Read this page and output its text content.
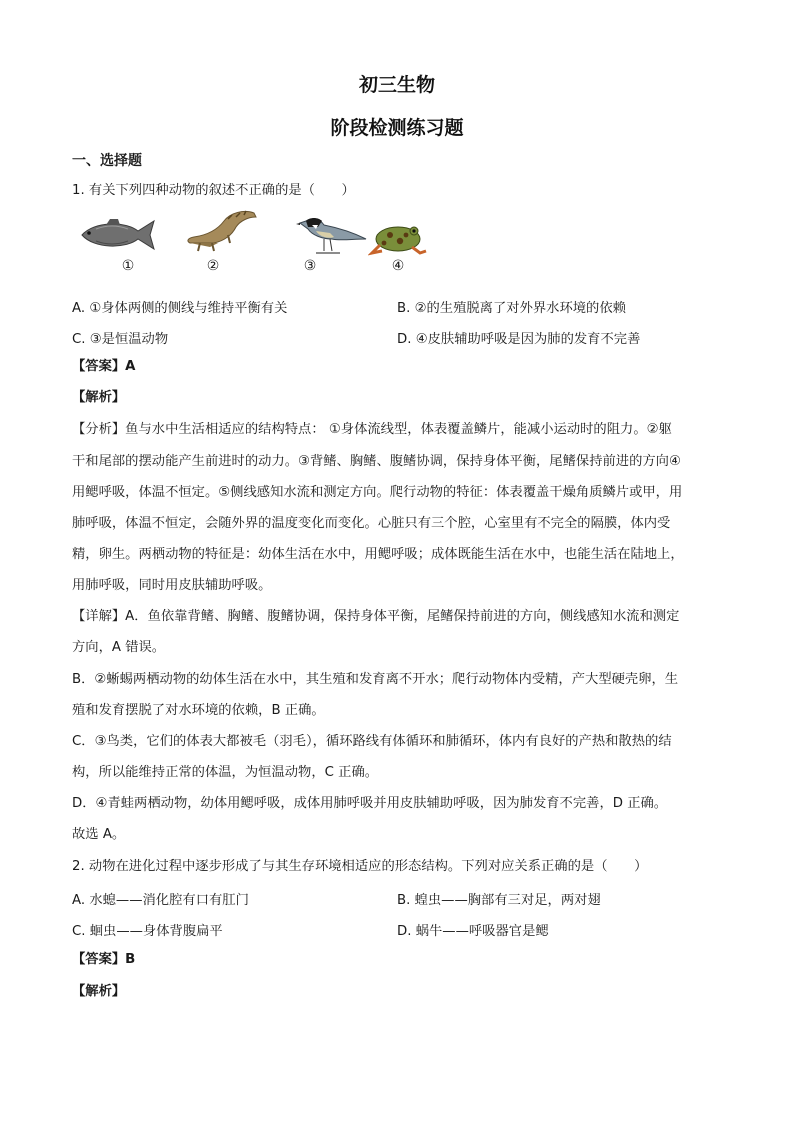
初三生物
阶段检测练习题
一、选择题
1. 有关下列四种动物的叙述不正确的是（　　）
①	②	③	④
A. ①身体两侧的侧线与维持平衡有关	B. ②的生殖脱离了对外界水环境的依赖
C. ③是恒温动物	D. ④皮肤辅助呼吸是因为肺的发育不完善
【答案】A
【解析】
【分析】鱼与水中生活相适应的结构特点： ①身体流线型，体表覆盖鳞片，能减小运动时的阻力。②躯
干和尾部的摆动能产生前进时的动力。③背鳍、胸鳍、腹鳍协调，保持身体平衡，尾鳍保持前进的方向④
用鳃呼吸，体温不恒定。⑤侧线感知水流和测定方向。爬行动物的特征：体表覆盖干燥角质鳞片或甲，用
肺呼吸，体温不恒定，会随外界的温度变化而变化。心脏只有三个腔，心室里有不完全的隔膜，体内受
精，卵生。两栖动物的特征是：幼体生活在水中，用鳃呼吸；成体既能生活在水中，也能生活在陆地上，
用肺呼吸，同时用皮肤辅助呼吸。
【详解】A．鱼依靠背鳍、胸鳍、腹鳍协调，保持身体平衡，尾鳍保持前进的方向，侧线感知水流和测定
方向，A 错误。
B．②蜥蜴两栖动物的幼体生活在水中，其生殖和发育离不开水；爬行动物体内受精，产大型硬壳卵，生
殖和发育摆脱了对水环境的依赖，B 正确。
C．③鸟类，它们的体表大都被毛（羽毛），循环路线有体循环和肺循环，体内有良好的产热和散热的结
构，所以能维持正常的体温，为恒温动物，C 正确。
D．④青蛙两栖动物，幼体用鳃呼吸，成体用肺呼吸并用皮肤辅助呼吸，因为肺发育不完善，D 正确。
故选 A。
2. 动物在进化过程中逐步形成了与其生存环境相适应的形态结构。下列对应关系正确的是（　　）
A. 水螅——消化腔有口有肛门	B. 蝗虫——胸部有三对足，两对翅
C. 蛔虫——身体背腹扁平	D. 蜗牛——呼吸器官是鳃
【答案】B
【解析】
